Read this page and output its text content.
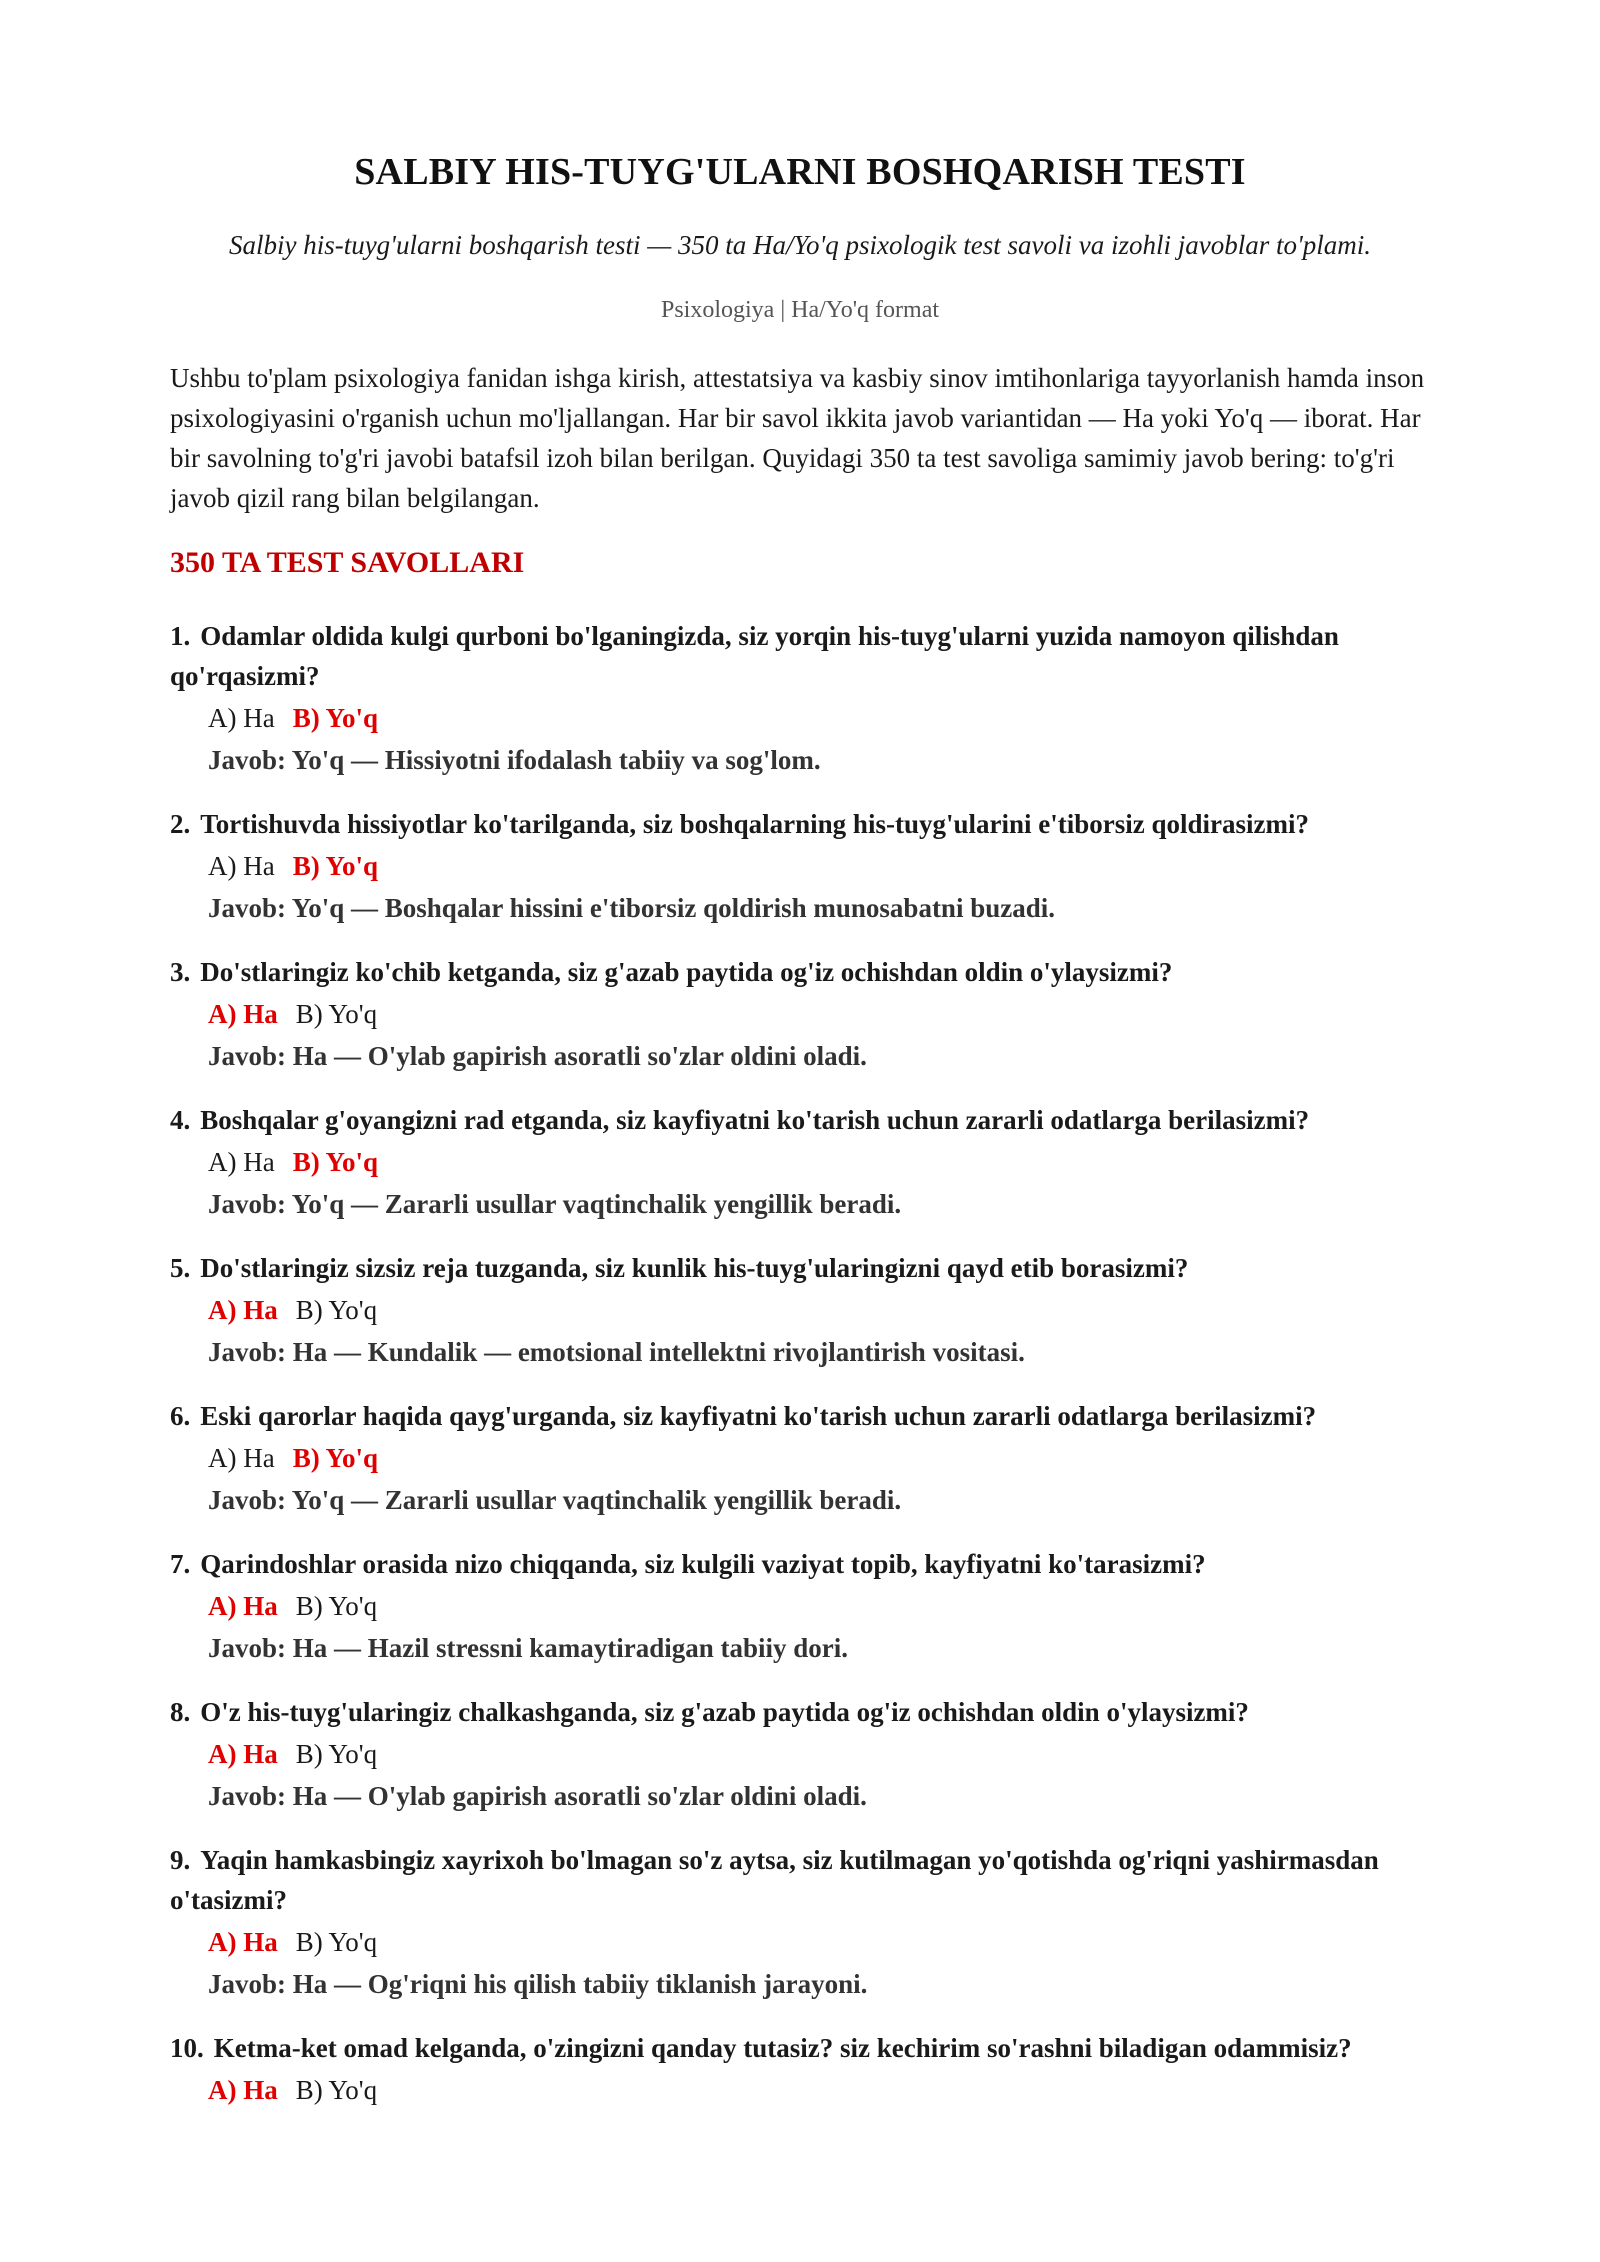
SALBIY HIS-TUYG'ULARNI BOSHQARISH TESTI

Salbiy his-tuyg'ularni boshqarish testi — 350 ta Ha/Yo'q psixologik test savoli va izohli javoblar to'plami.

Psixologiya | Ha/Yo'q format

Ushbu to'plam psixologiya fanidan ishga kirish, attestatsiya va kasbiy sinov imtihonlariga tayyorlanish hamda inson psixologiyasini o'rganish uchun mo'ljallangan. Har bir savol ikkita javob variantidan — Ha yoki Yo'q — iborat. Har bir savolning to'g'ri javobi batafsil izoh bilan berilgan. Quyidagi 350 ta test savoliga samimiy javob bering: to'g'ri javob qizil rang bilan belgilangan.

350 TA TEST SAVOLLARI
1. Odamlar oldida kulgi qurboni bo'lganingizda, siz yorqin his-tuyg'ularni yuzida namoyon qilishdan qo'rqasizmi?
A) Ha B) Yo'q
Javob: Yo'q — Hissiyotni ifodalash tabiiy va sog'lom.
2. Tortishuvda hissiyotlar ko'tarilganda, siz boshqalarning his-tuyg'ularini e'tiborsiz qoldirasizmi?
A) Ha B) Yo'q
Javob: Yo'q — Boshqalar hissini e'tiborsiz qoldirish munosabatni buzadi.
3. Do'stlaringiz ko'chib ketganda, siz g'azab paytida og'iz ochishdan oldin o'ylaysizmi?
A) Ha B) Yo'q
Javob: Ha — O'ylab gapirish asoratli so'zlar oldini oladi.
4. Boshqalar g'oyangizni rad etganda, siz kayfiyatni ko'tarish uchun zararli odatlarga berilasizmi?
A) Ha B) Yo'q
Javob: Yo'q — Zararli usullar vaqtinchalik yengillik beradi.
5. Do'stlaringiz sizsiz reja tuzganda, siz kunlik his-tuyg'ularingizni qayd etib borasizmi?
A) Ha B) Yo'q
Javob: Ha — Kundalik — emotsional intellektni rivojlantirish vositasi.
6. Eski qarorlar haqida qayg'urganda, siz kayfiyatni ko'tarish uchun zararli odatlarga berilasizmi?
A) Ha B) Yo'q
Javob: Yo'q — Zararli usullar vaqtinchalik yengillik beradi.
7. Qarindoshlar orasida nizo chiqqanda, siz kulgili vaziyat topib, kayfiyatni ko'tarasizmi?
A) Ha B) Yo'q
Javob: Ha — Hazil stressni kamaytiradigan tabiiy dori.
8. O'z his-tuyg'ularingiz chalkashganda, siz g'azab paytida og'iz ochishdan oldin o'ylaysizmi?
A) Ha B) Yo'q
Javob: Ha — O'ylab gapirish asoratli so'zlar oldini oladi.
9. Yaqin hamkasbingiz xayrixoh bo'lmagan so'z aytsa, siz kutilmagan yo'qotishda og'riqni yashirmasdan o'tasizmi?
A) Ha B) Yo'q
Javob: Ha — Og'riqni his qilish tabiiy tiklanish jarayoni.
10. Ketma-ket omad kelganda, o'zingizni qanday tutasiz? siz kechirim so'rashni biladigan odammisiz?
A) Ha B) Yo'q
